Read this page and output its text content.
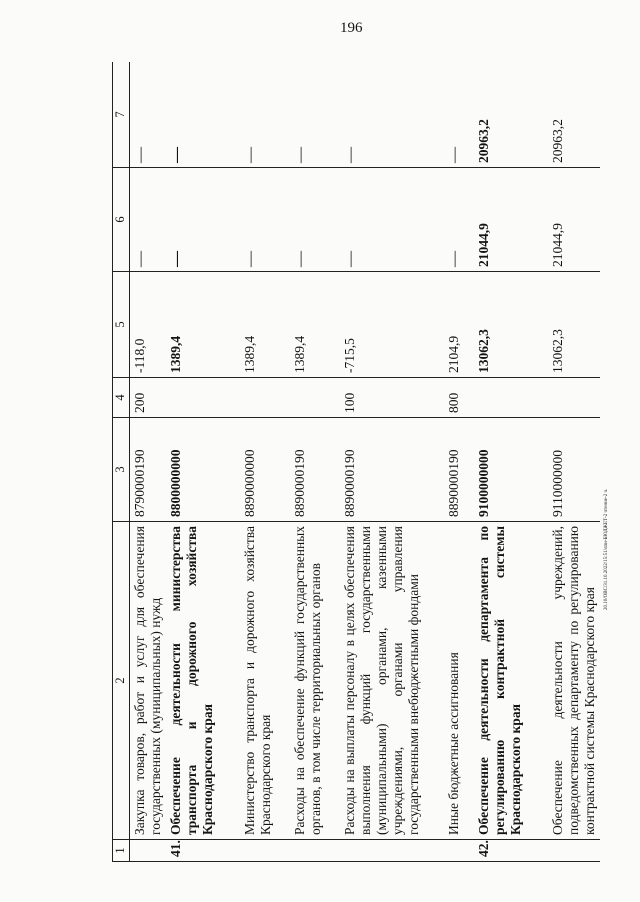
196
20.10/ОВС/31.10.2022/15:51/лпи-БЮДЖЕТ-2 чтение-2 ч.
1	2	3	4	5	6	7
	Закупка товаров, работ и услуг для обеспечения государственных (муниципальных) нужд	8790000190	200	-118,0	—	—
41.	Обеспечение деятельности министерства транспорта и дорожного хозяйства Краснодарского края	8800000000		1389,4	—	—
	Министерство транспорта и дорожного хозяйства Краснодарского края	8890000000		1389,4	—	—
	Расходы на обеспечение функций государственных органов, в том числе территориальных органов	8890000190		1389,4	—	—
	Расходы на выплаты персоналу в целях обеспечения выполнения функций государственными (муниципальными) органами, казенными учреждениями, органами управления государственными внебюджетными фондами	8890000190	100	-715,5	—	—
	Иные бюджетные ассигнования	8890000190	800	2104,9	—	—
42.	Обеспечение деятельности департамента по регулированию контрактной системы Краснодарского края	9100000000		13062,3	21044,9	20963,2
	Обеспечение деятельности учреждений, подведомственных департаменту по регулированию контрактной системы Краснодарского края	9110000000		13062,3	21044,9	20963,2
